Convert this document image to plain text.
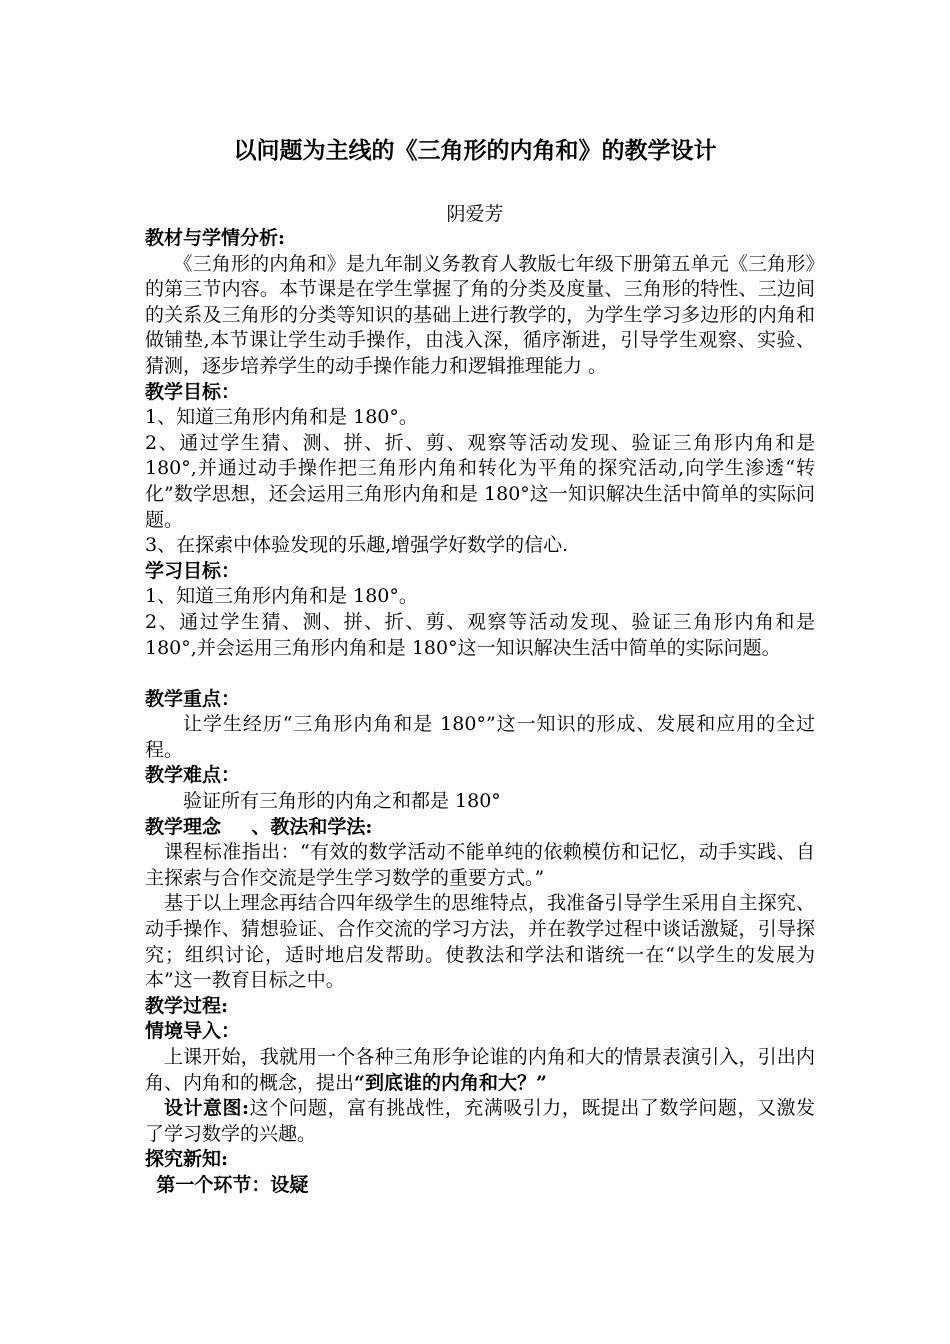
以问题为主线的《三角形的内角和》的教学设计
阴爱芳

教材与学情分析:

《三角形的内角和》是九年制义务教育人教版七年级下册第五单元《三角形》的第三节内容。本节课是在学生掌握了角的分类及度量、三角形的特性、三边间的关系及三角形的分类等知识的基础上进行教学的，为学生学习多边形的内角和做铺垫,本节课让学生动手操作，由浅入深，循序渐进，引导学生观察、实验、猜测，逐步培养学生的动手操作能力和逻辑推理能力 。

教学目标：

1、知道三角形内角和是 180°。

2、通过学生猜、测、拼、折、剪、观察等活动发现、验证三角形内角和是 180°,并通过动手操作把三角形内角和转化为平角的探究活动,向学生渗透“转化”数学思想，还会运用三角形内角和是 180°这一知识解决生活中简单的实际问题。

3、在探索中体验发现的乐趣,增强学好数学的信心.

学习目标：

1、知道三角形内角和是 180°。

2、通过学生猜、测、拼、折、剪、观察等活动发现、验证三角形内角和是 180°,并会运用三角形内角和是 180°这一知识解决生活中简单的实际问题。

教学重点：

让学生经历“三角形内角和是 180°”这一知识的形成、发展和应用的全过程。

教学难点：

验证所有三角形的内角之和都是 180°

教学理念 、教法和学法:

课程标准指出：“有效的数学活动不能单纯的依赖模仿和记忆，动手实践、自主探索与合作交流是学生学习数学的重要方式。”

基于以上理念再结合四年级学生的思维特点，我准备引导学生采用自主探究、动手操作、猜想验证、合作交流的学习方法，并在教学过程中谈话激疑，引导探究；组织讨论，适时地启发帮助。使教法和学法和谐统一在“以学生的发展为本”这一教育目标之中。

教学过程:

情境导入：

上课开始，我就用一个各种三角形争论谁的内角和大的情景表演引入，引出内角、内角和的概念，提出“到底谁的内角和大？”

设计意图:这个问题，富有挑战性，充满吸引力，既提出了数学问题，又激发了学习数学的兴趣。

探究新知:

第一个环节：设疑
